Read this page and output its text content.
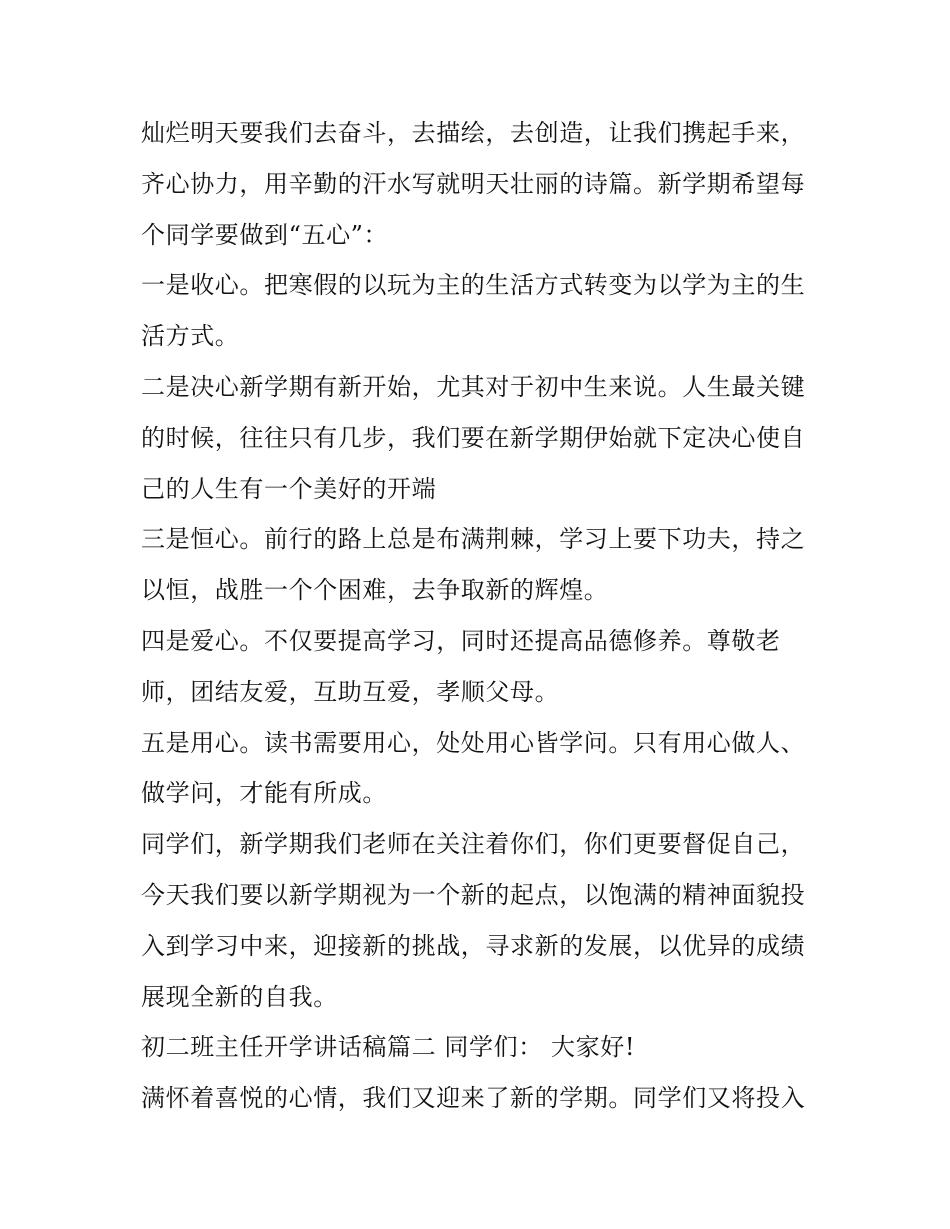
灿烂明天要我们去奋斗，去描绘，去创造，让我们携起手来，
齐心协力，用辛勤的汗水写就明天壮丽的诗篇。新学期希望每
个同学要做到“五心”：
一是收心。把寒假的以玩为主的生活方式转变为以学为主的生
活方式。
二是决心新学期有新开始，尤其对于初中生来说。人生最关键
的时候，往往只有几步，我们要在新学期伊始就下定决心使自
己的人生有一个美好的开端
三是恒心。前行的路上总是布满荆棘，学习上要下功夫，持之
以恒，战胜一个个困难，去争取新的辉煌。
四是爱心。不仅要提高学习，同时还提高品德修养。尊敬老
师，团结友爱，互助互爱，孝顺父母。
五是用心。读书需要用心，处处用心皆学问。只有用心做人、
做学问，才能有所成。
同学们，新学期我们老师在关注着你们，你们更要督促自己，
今天我们要以新学期视为一个新的起点，以饱满的精神面貌投
入到学习中来，迎接新的挑战，寻求新的发展，以优异的成绩
展现全新的自我。
初二班主任开学讲话稿篇二 同学们： 大家好!
满怀着喜悦的心情，我们又迎来了新的学期。同学们又将投入
